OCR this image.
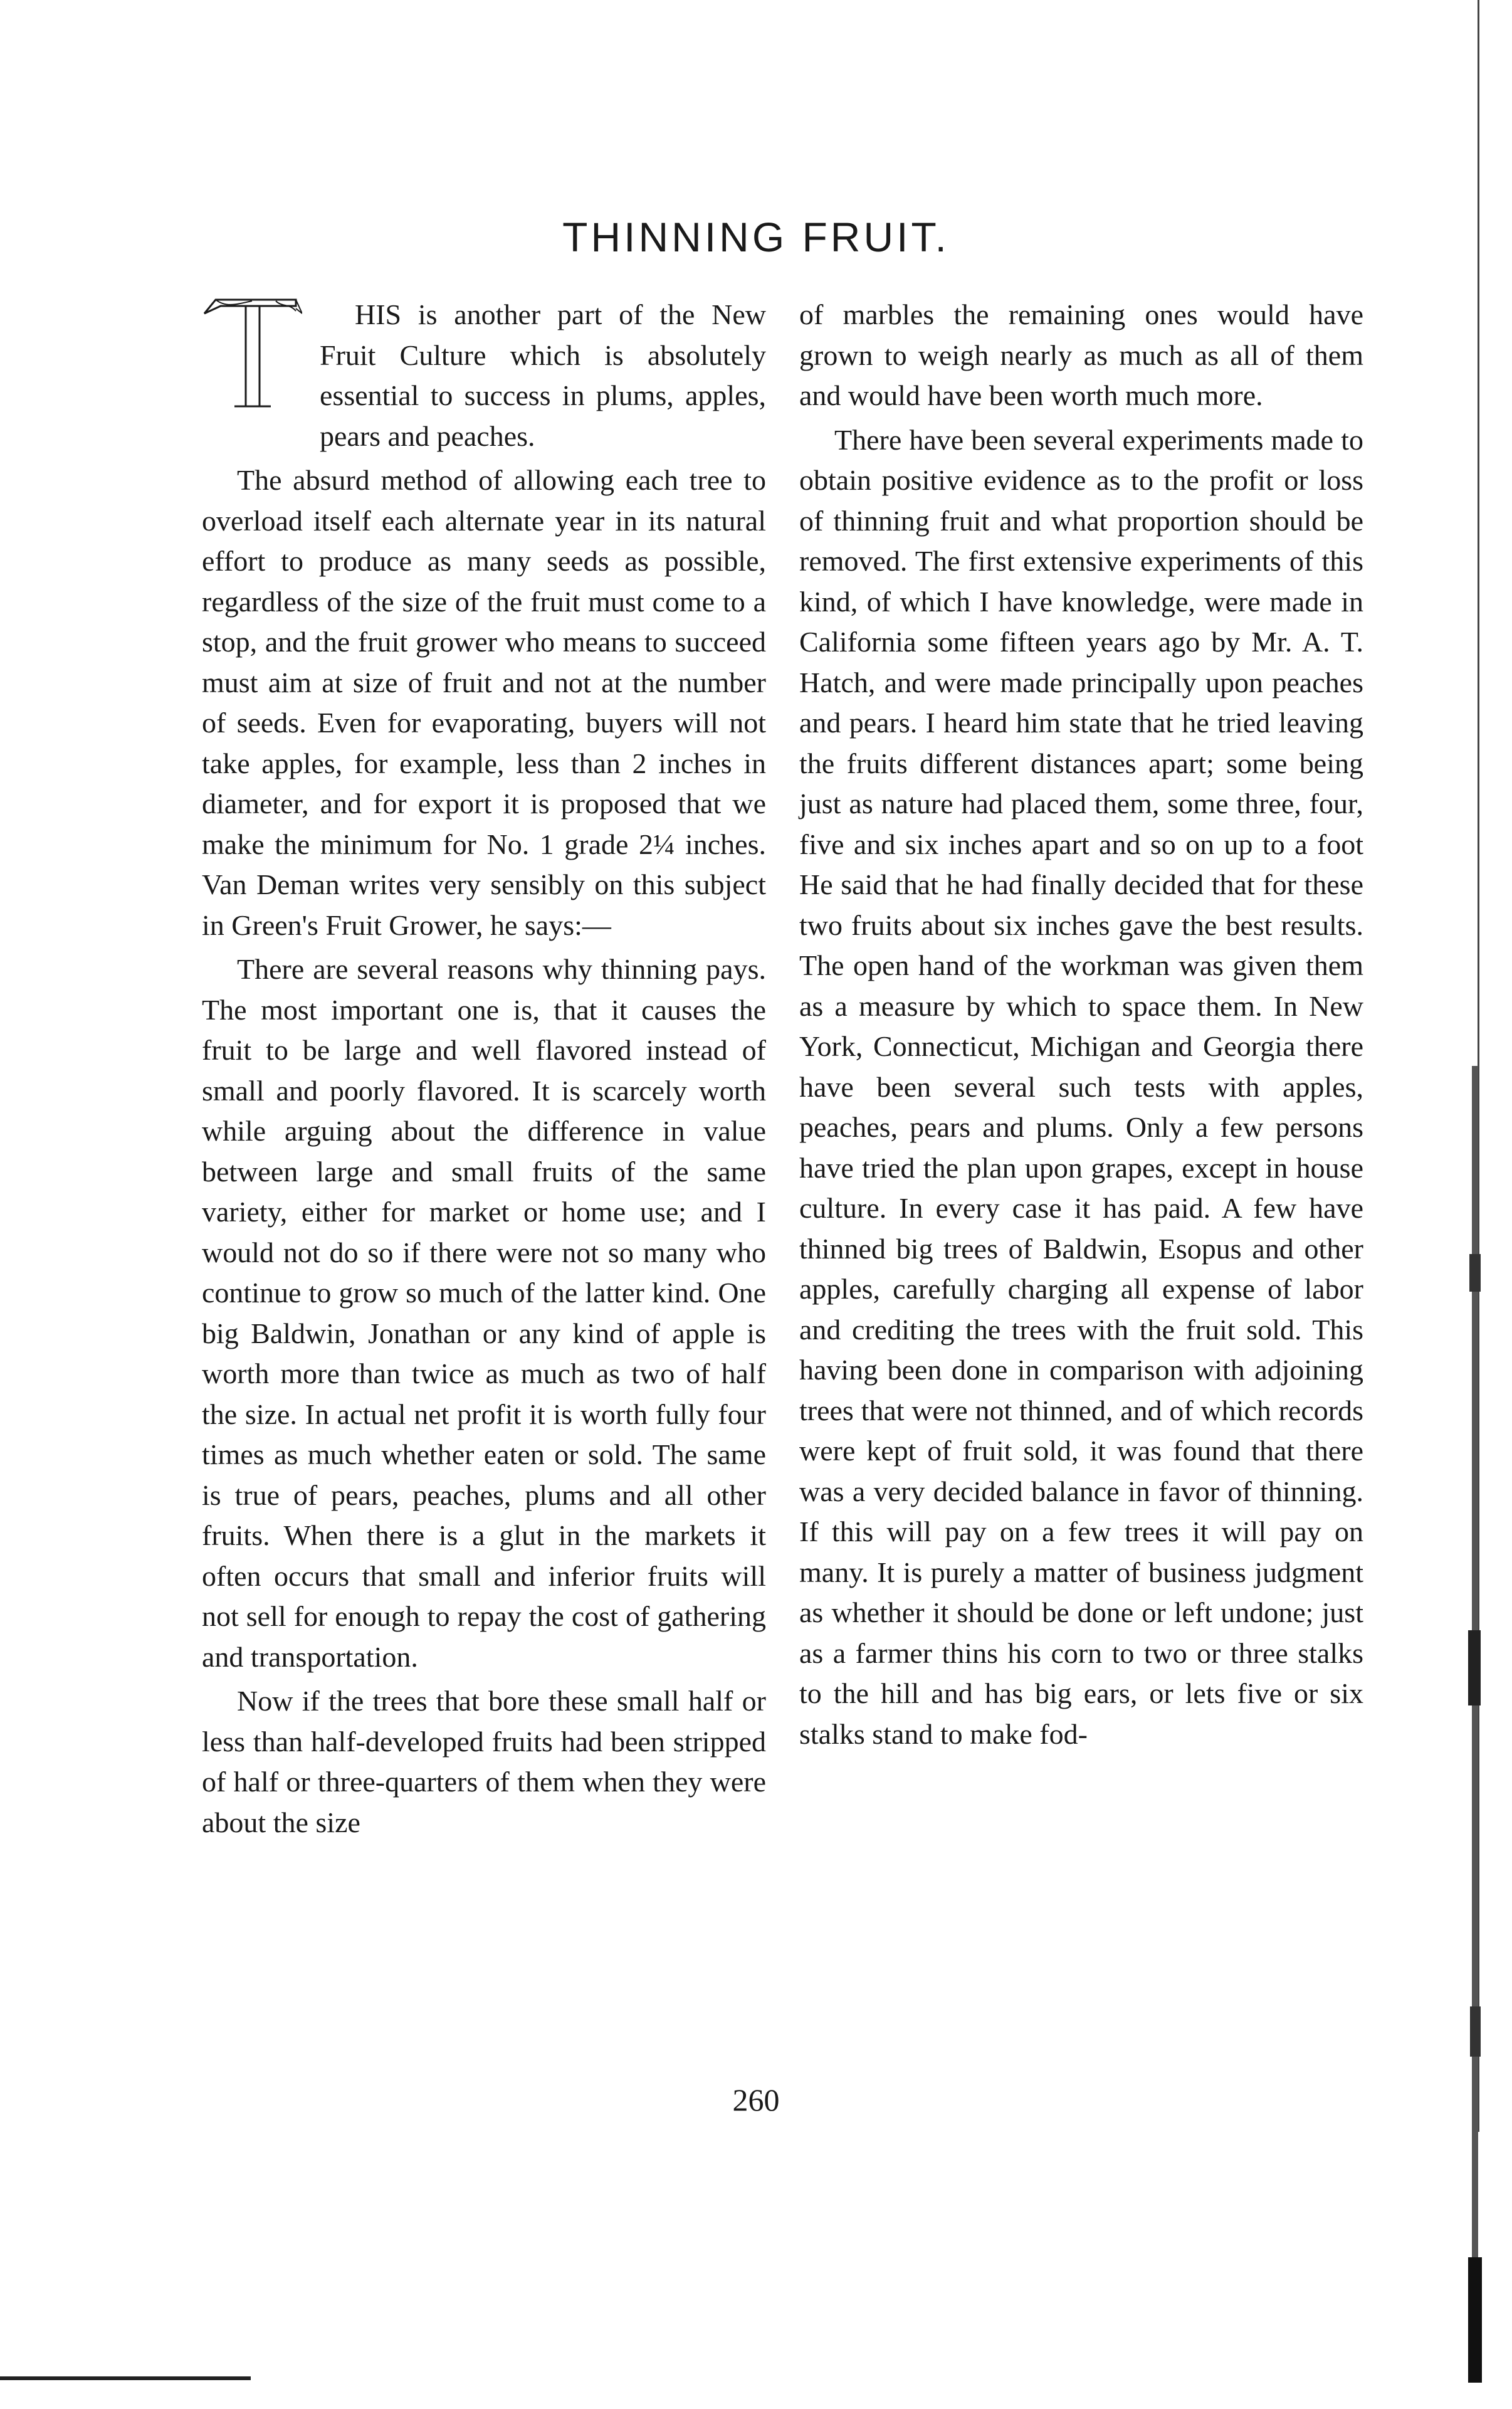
THINNING FRUIT.

HIS is another part of the New Fruit Culture which is absolutely essential to success in plums, apples, pears and peaches.

The absurd method of allowing each tree to overload itself each alternate year in its natural effort to produce as many seeds as possible, regardless of the size of the fruit must come to a stop, and the fruit grower who means to succeed must aim at size of fruit and not at the number of seeds. Even for evaporating, buyers will not take apples, for example, less than 2 inches in diameter, and for export it is proposed that we make the minimum for No. 1 grade 2¼ inches. Van Deman writes very sensibly on this subject in Green's Fruit Grower, he says:—

There are several reasons why thinning pays. The most important one is, that it causes the fruit to be large and well flavored instead of small and poorly flavored. It is scarcely worth while arguing about the difference in value between large and small fruits of the same variety, either for market or home use; and I would not do so if there were not so many who continue to grow so much of the latter kind. One big Baldwin, Jonathan or any kind of apple is worth more than twice as much as two of half the size. In actual net profit it is worth fully four times as much whether eaten or sold. The same is true of pears, peaches, plums and all other fruits. When there is a glut in the markets it often occurs that small and inferior fruits will not sell for enough to repay the cost of gathering and transportation.

Now if the trees that bore these small half or less than half-developed fruits had been stripped of half or three-quarters of them when they were about the size

of marbles the remaining ones would have grown to weigh nearly as much as all of them and would have been worth much more.

There have been several experiments made to obtain positive evidence as to the profit or loss of thinning fruit and what proportion should be removed. The first extensive experiments of this kind, of which I have knowledge, were made in California some fifteen years ago by Mr. A. T. Hatch, and were made principally upon peaches and pears. I heard him state that he tried leaving the fruits different distances apart; some being just as nature had placed them, some three, four, five and six inches apart and so on up to a foot He said that he had finally decided that for these two fruits about six inches gave the best results. The open hand of the workman was given them as a measure by which to space them. In New York, Connecticut, Michigan and Georgia there have been several such tests with apples, peaches, pears and plums. Only a few persons have tried the plan upon grapes, except in house culture. In every case it has paid. A few have thinned big trees of Baldwin, Esopus and other apples, carefully charging all expense of labor and crediting the trees with the fruit sold. This having been done in comparison with adjoining trees that were not thinned, and of which records were kept of fruit sold, it was found that there was a very decided balance in favor of thinning. If this will pay on a few trees it will pay on many. It is purely a matter of business judgment as whether it should be done or left undone; just as a farmer thins his corn to two or three stalks to the hill and has big ears, or lets five or six stalks stand to make fod-

260
